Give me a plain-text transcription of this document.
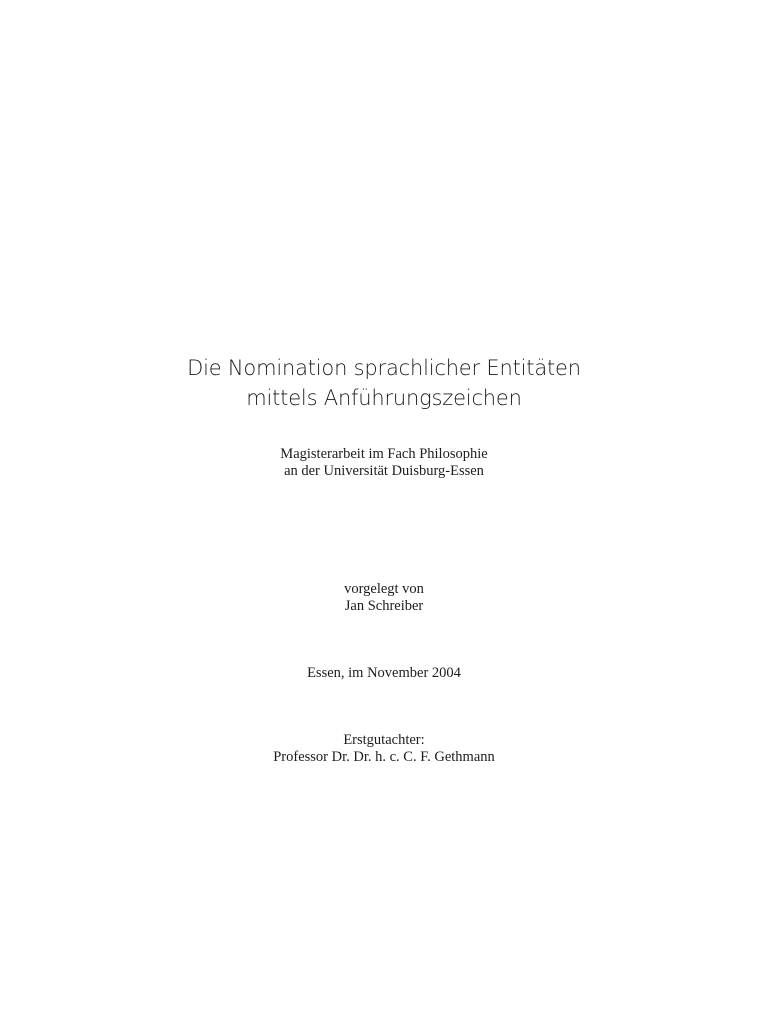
Die Nomination sprachlicher Entitäten
mittels Anführungszeichen
Magisterarbeit im Fach Philosophie
an der Universität Duisburg-Essen
vorgelegt von
Jan Schreiber
Essen, im November 2004
Erstgutachter:
Professor Dr. Dr. h. c. C. F. Gethmann
